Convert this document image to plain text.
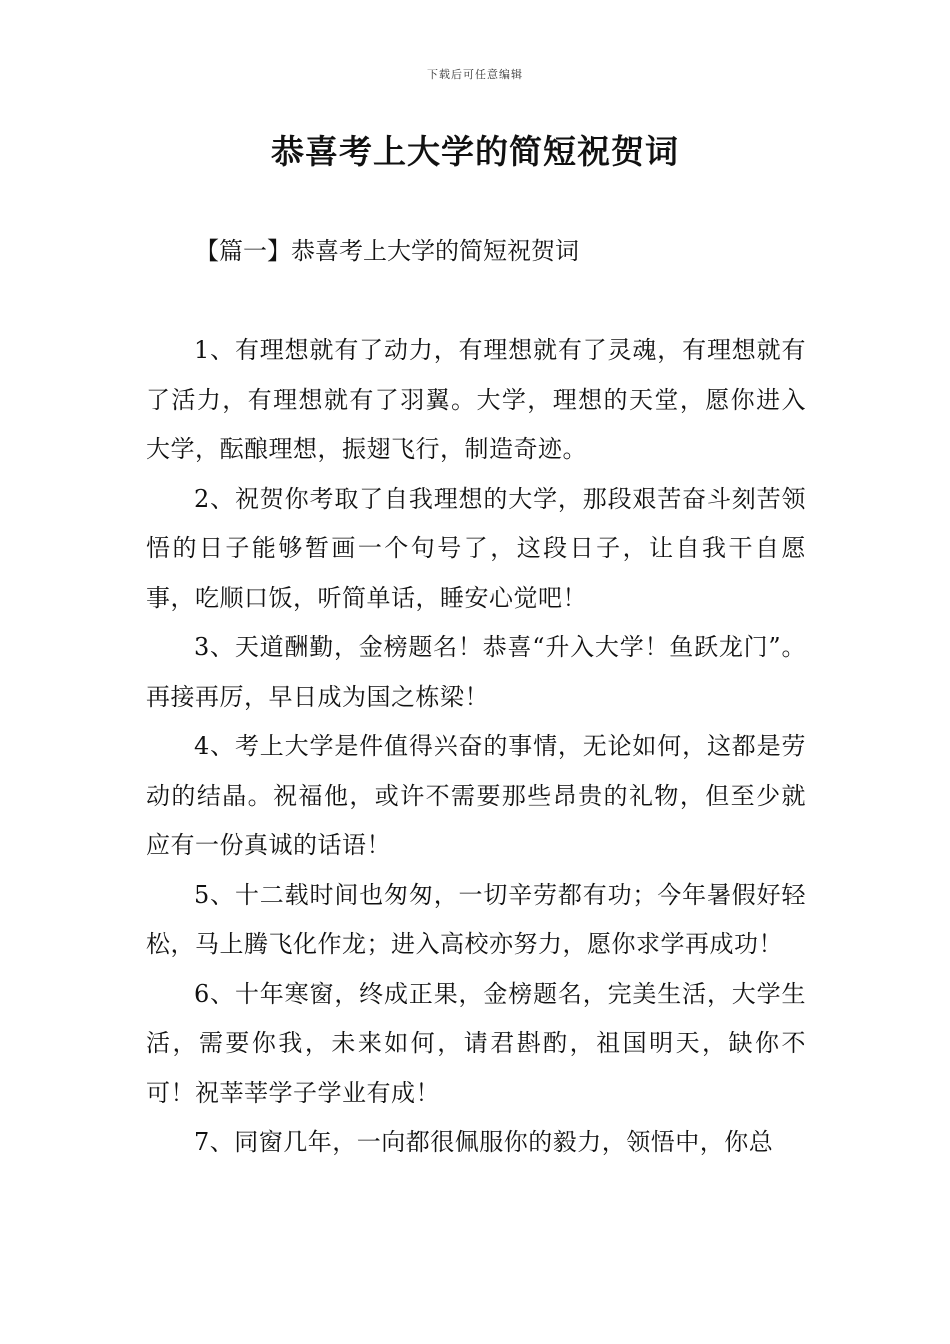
下载后可任意编辑
恭喜考上大学的简短祝贺词
【篇一】恭喜考上大学的简短祝贺词

1、有理想就有了动力，有理想就有了灵魂，有理想就有了活力，有理想就有了羽翼。大学，理想的天堂，愿你进入大学，酝酿理想，振翅飞行，制造奇迹。

2、祝贺你考取了自我理想的大学，那段艰苦奋斗刻苦领悟的日子能够暂画一个句号了，这段日子，让自我干自愿事，吃顺口饭，听简单话，睡安心觉吧！

3、天道酬勤，金榜题名！恭喜“升入大学！鱼跃龙门”。再接再厉，早日成为国之栋梁！

4、考上大学是件值得兴奋的事情，无论如何，这都是劳动的结晶。祝福他，或许不需要那些昂贵的礼物，但至少就应有一份真诚的话语！

5、十二载时间也匆匆，一切辛劳都有功；今年暑假好轻松，马上腾飞化作龙；进入高校亦努力，愿你求学再成功！

6、十年寒窗，终成正果，金榜题名，完美生活，大学生活，需要你我，未来如何，请君斟酌，祖国明天，缺你不可！祝莘莘学子学业有成！

7、同窗几年，一向都很佩服你的毅力，领悟中，你总
